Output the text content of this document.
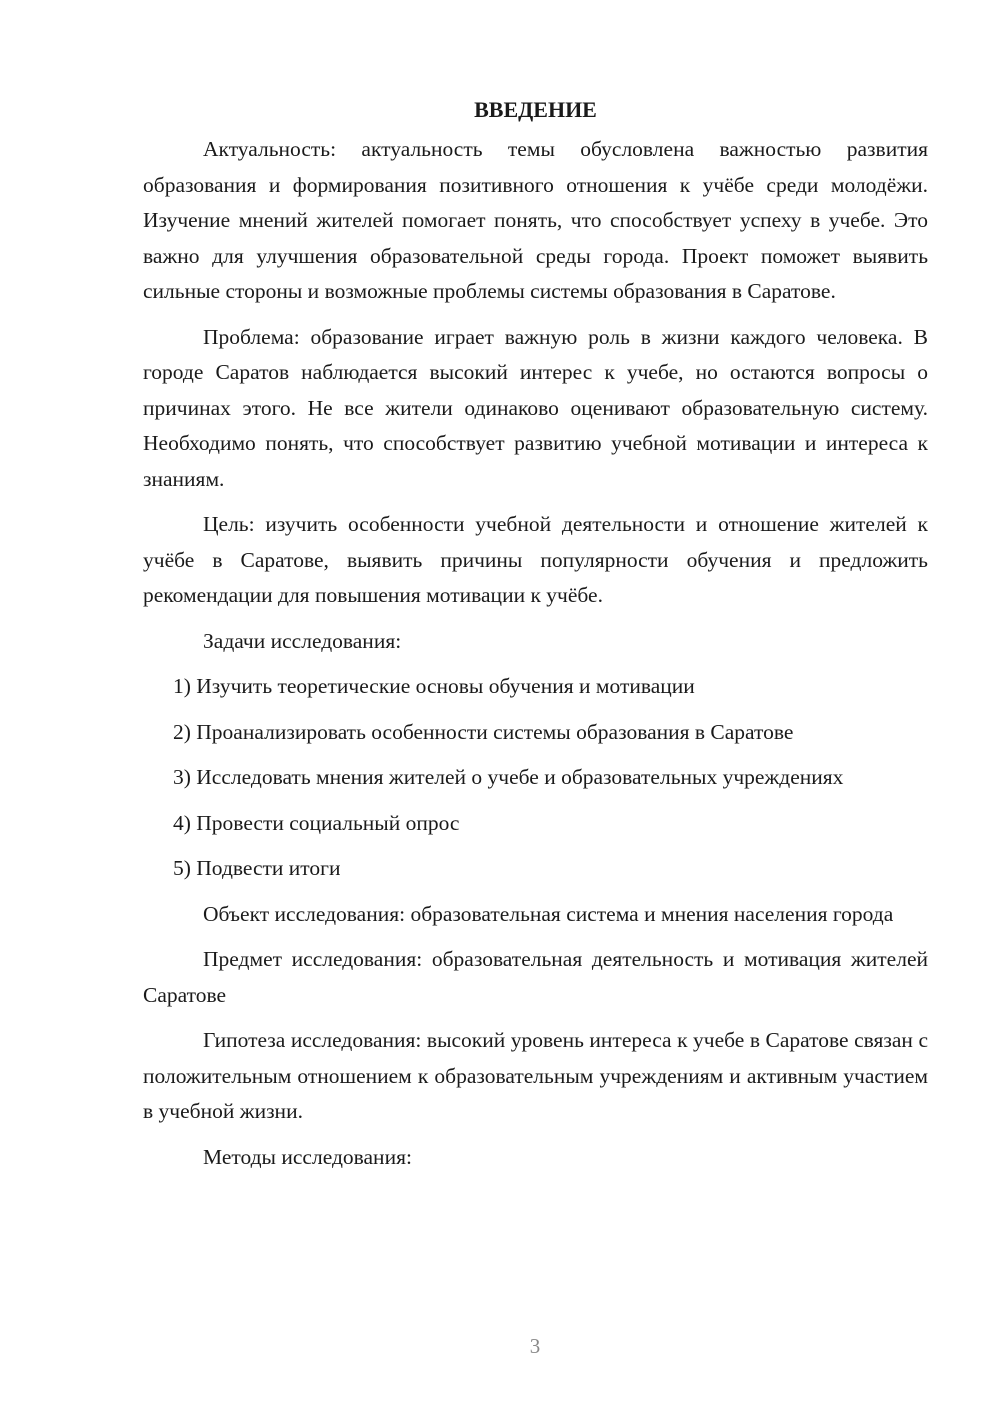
ВВЕДЕНИЕ

Актуальность: актуальность темы обусловлена важностью развития образования и формирования позитивного отношения к учёбе среди молодёжи. Изучение мнений жителей помогает понять, что способствует успеху в учебе. Это важно для улучшения образовательной среды города. Проект поможет выявить сильные стороны и возможные проблемы системы образования в Саратове.

Проблема: образование играет важную роль в жизни каждого человека. В городе Саратов наблюдается высокий интерес к учебе, но остаются вопросы о причинах этого. Не все жители одинаково оценивают образовательную систему. Необходимо понять, что способствует развитию учебной мотивации и интереса к знаниям.

Цель: изучить особенности учебной деятельности и отношение жителей к учёбе в Саратове, выявить причины популярности обучения и предложить рекомендации для повышения мотивации к учёбе.

Задачи исследования:

1) Изучить теоретические основы обучения и мотивации

2) Проанализировать особенности системы образования в Саратове

3) Исследовать мнения жителей о учебе и образовательных учреждениях

4) Провести социальный опрос

5) Подвести итоги

Объект исследования: образовательная система и мнения населения города

Предмет исследования: образовательная деятельность и мотивация жителей Саратове

Гипотеза исследования: высокий уровень интереса к учебе в Саратове связан с положительным отношением к образовательным учреждениям и активным участием в учебной жизни.

Методы исследования:

3
